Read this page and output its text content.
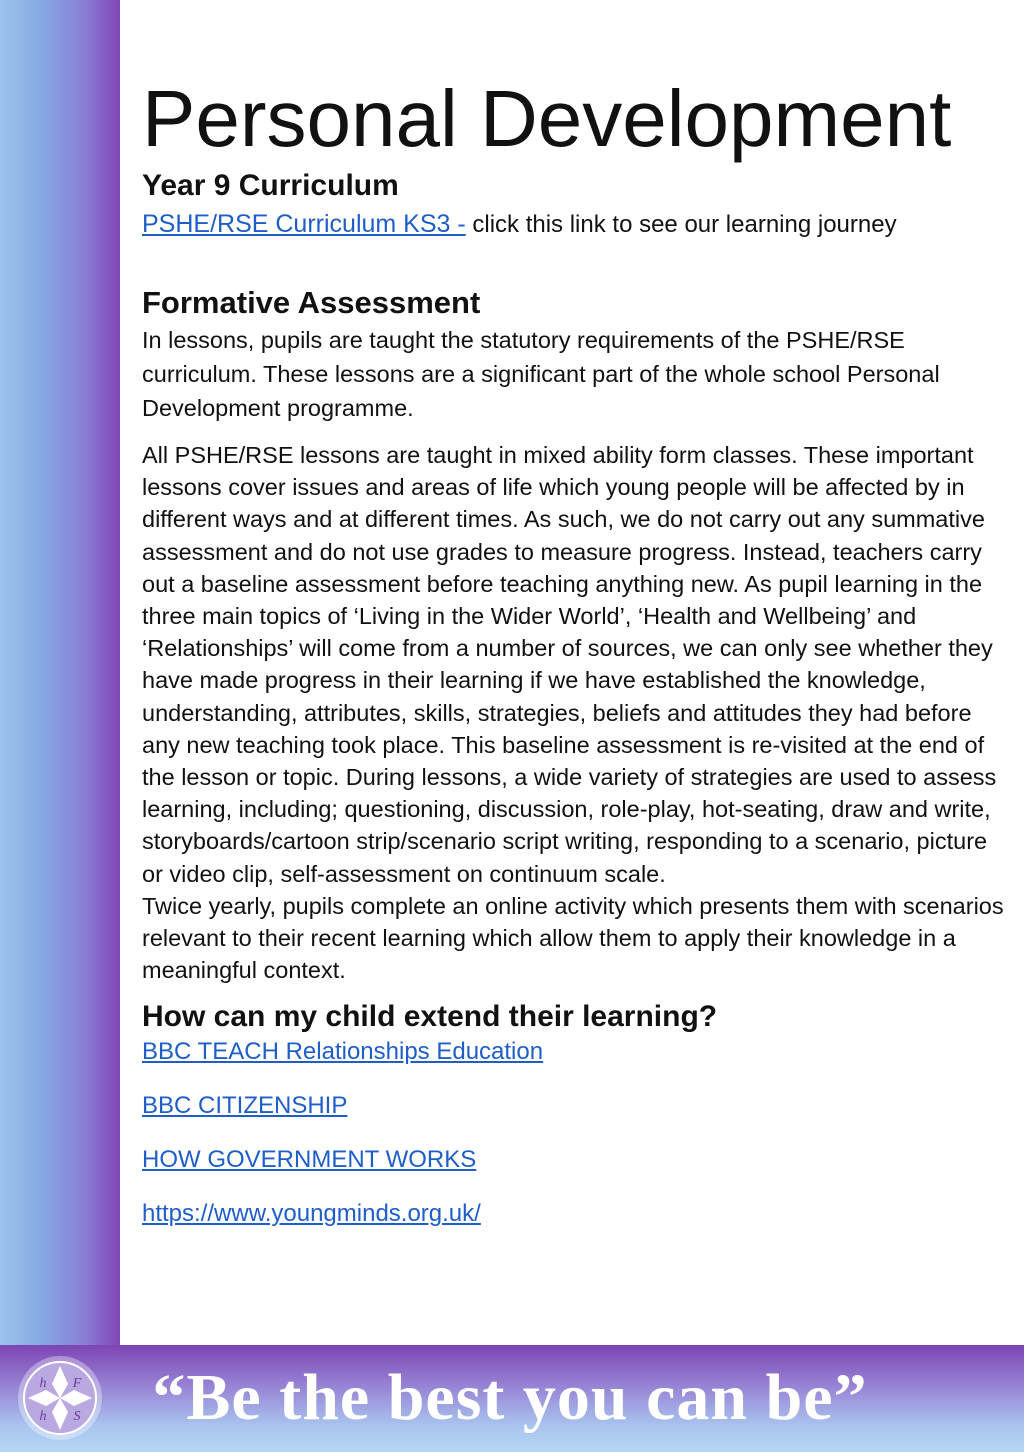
Personal Development
Year 9 Curriculum
PSHE/RSE Curriculum KS3 - click this link to see our learning journey
Formative Assessment

In lessons, pupils are taught the statutory requirements of the PSHE/RSE curriculum. These lessons are a significant part of the whole school Personal Development programme.

All PSHE/RSE lessons are taught in mixed ability form classes. These important lessons cover issues and areas of life which young people will be affected by in different ways and at different times. As such, we do not carry out any summative assessment and do not use grades to measure progress. Instead, teachers carry out a baseline assessment before teaching anything new. As pupil learning in the three main topics of ‘Living in the Wider World’, ‘Health and Wellbeing’ and ‘Relationships’ will come from a number of sources, we can only see whether they have made progress in their learning if we have established the knowledge, understanding, attributes, skills, strategies, beliefs and attitudes they had before any new teaching took place. This baseline assessment is re-visited at the end of the lesson or topic. During lessons, a wide variety of strategies are used to assess learning, including; questioning, discussion, role-play, hot-seating, draw and write, storyboards/cartoon strip/scenario script writing, responding to a scenario, picture or video clip, self-assessment on continuum scale.

Twice yearly, pupils complete an online activity which presents them with scenarios relevant to their recent learning which allow them to apply their knowledge in a meaningful context.

How can my child extend their learning?
BBC TEACH Relationships Education
BBC CITIZENSHIP
HOW GOVERNMENT WORKS
https://www.youngminds.org.uk/
h F
h S	“Be the best you can be”
